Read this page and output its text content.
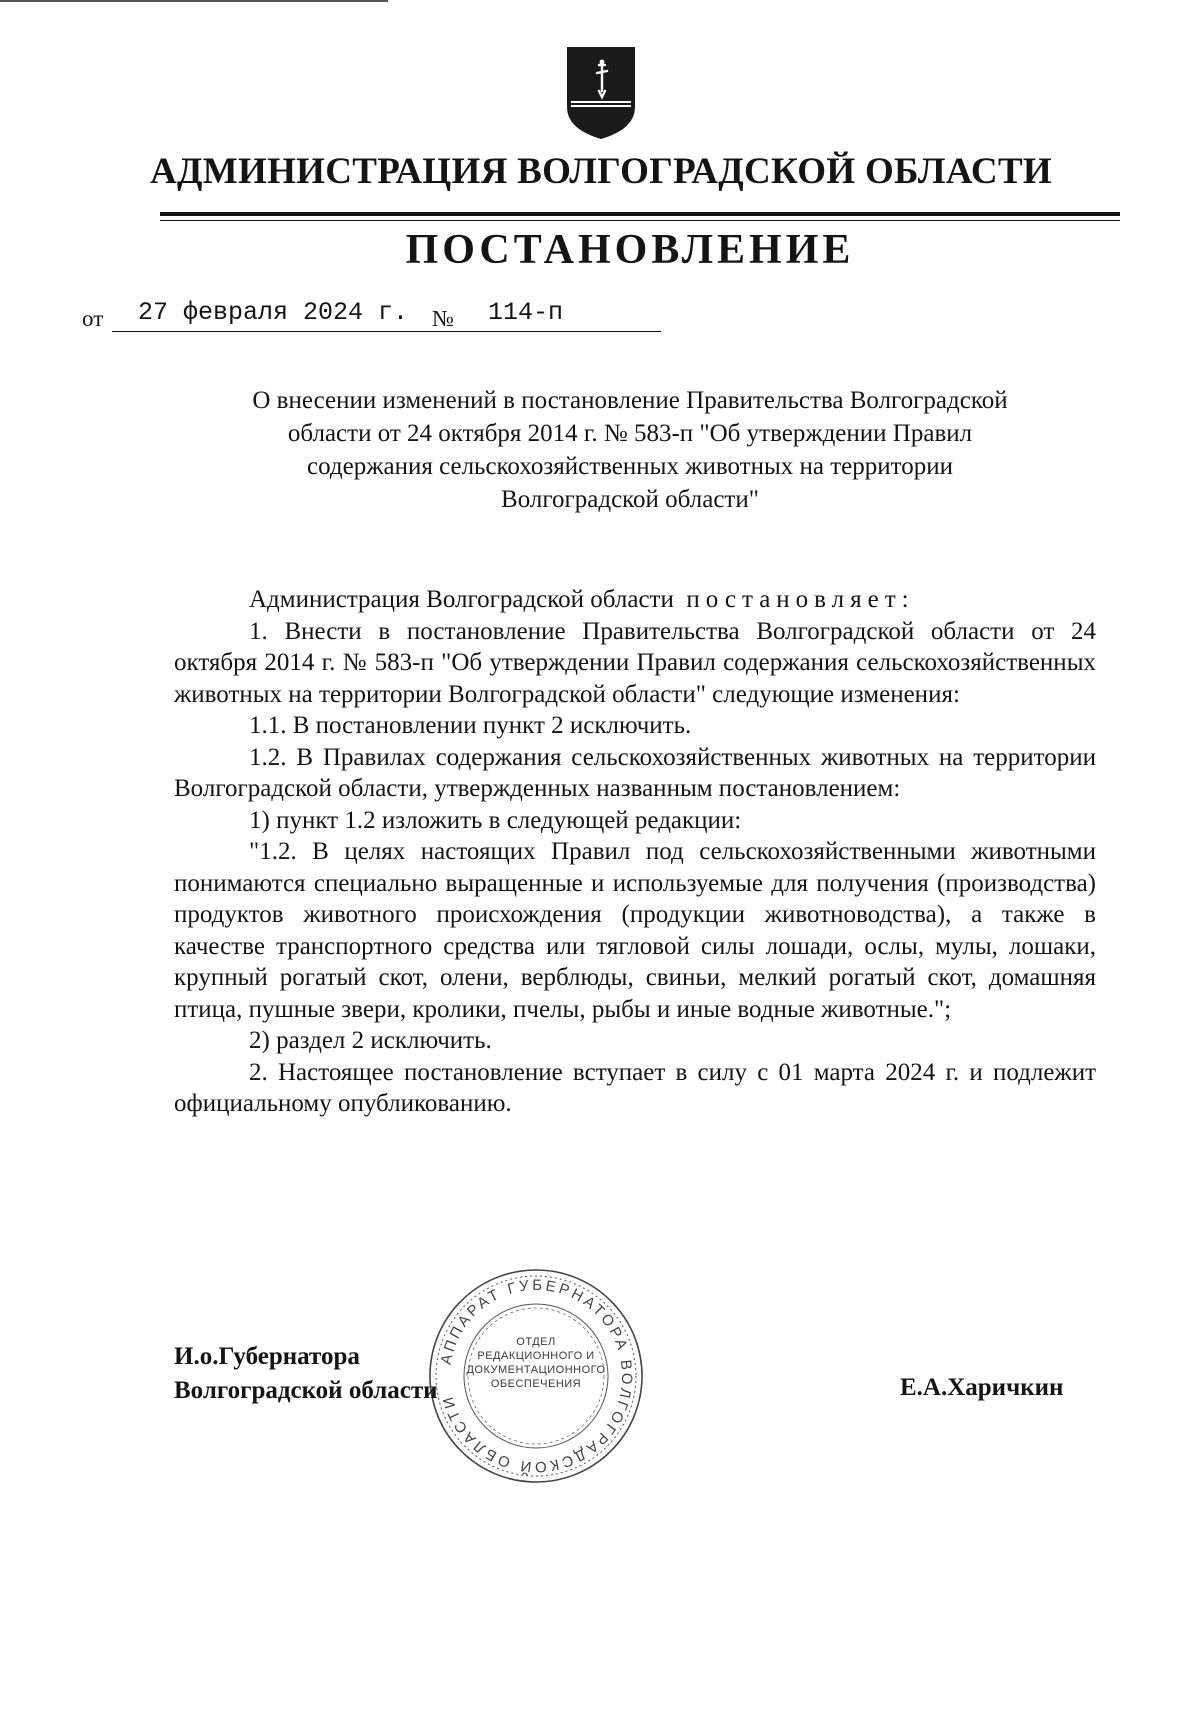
АДМИНИСТРАЦИЯ ВОЛГОГРАДСКОЙ ОБЛАСТИ
ПОСТАНОВЛЕНИЕ
от 27 февраля 2024 г. № 114-п
О внесении изменений в постановление Правительства Волгоградской
области от 24 октября 2014 г. № 583-п "Об утверждении Правил
содержания сельскохозяйственных животных на территории
Волгоградской области"

Администрация Волгоградской области постановляет:

1. Внести в постановление Правительства Волгоградской области от 24 октября 2014 г. № 583-п "Об утверждении Правил содержания сельскохозяйственных животных на территории Волгоградской области" следующие изменения:

1.1. В постановлении пункт 2 исключить.

1.2. В Правилах содержания сельскохозяйственных животных на территории Волгоградской области, утвержденных названным постановлением:

1) пункт 1.2 изложить в следующей редакции:

"1.2. В целях настоящих Правил под сельскохозяйственными животными понимаются специально выращенные и используемые для получения (производства) продуктов животного происхождения (продукции животноводства), а также в качестве транспортного средства или тягловой силы лошади, ослы, мулы, лошаки, крупный рогатый скот, олени, верблюды, свиньи, мелкий рогатый скот, домашняя птица, пушные звери, кролики, пчелы, рыбы и иные водные животные.";

2) раздел 2 исключить.

2. Настоящее постановление вступает в силу с 01 марта 2024 г. и подлежит официальному опубликованию.

АППАРАТ ГУБЕРНАТОРА ВОЛГОГРАДСКОЙ ОБЛАСТИ
ОТДЕЛ
РЕДАКЦИОННОГО И
ДОКУМЕНТАЦИОННОГО
ОБЕСПЕЧЕНИЯ
И.о.Губернатора
Волгоградской области	Е.А.Харичкин
